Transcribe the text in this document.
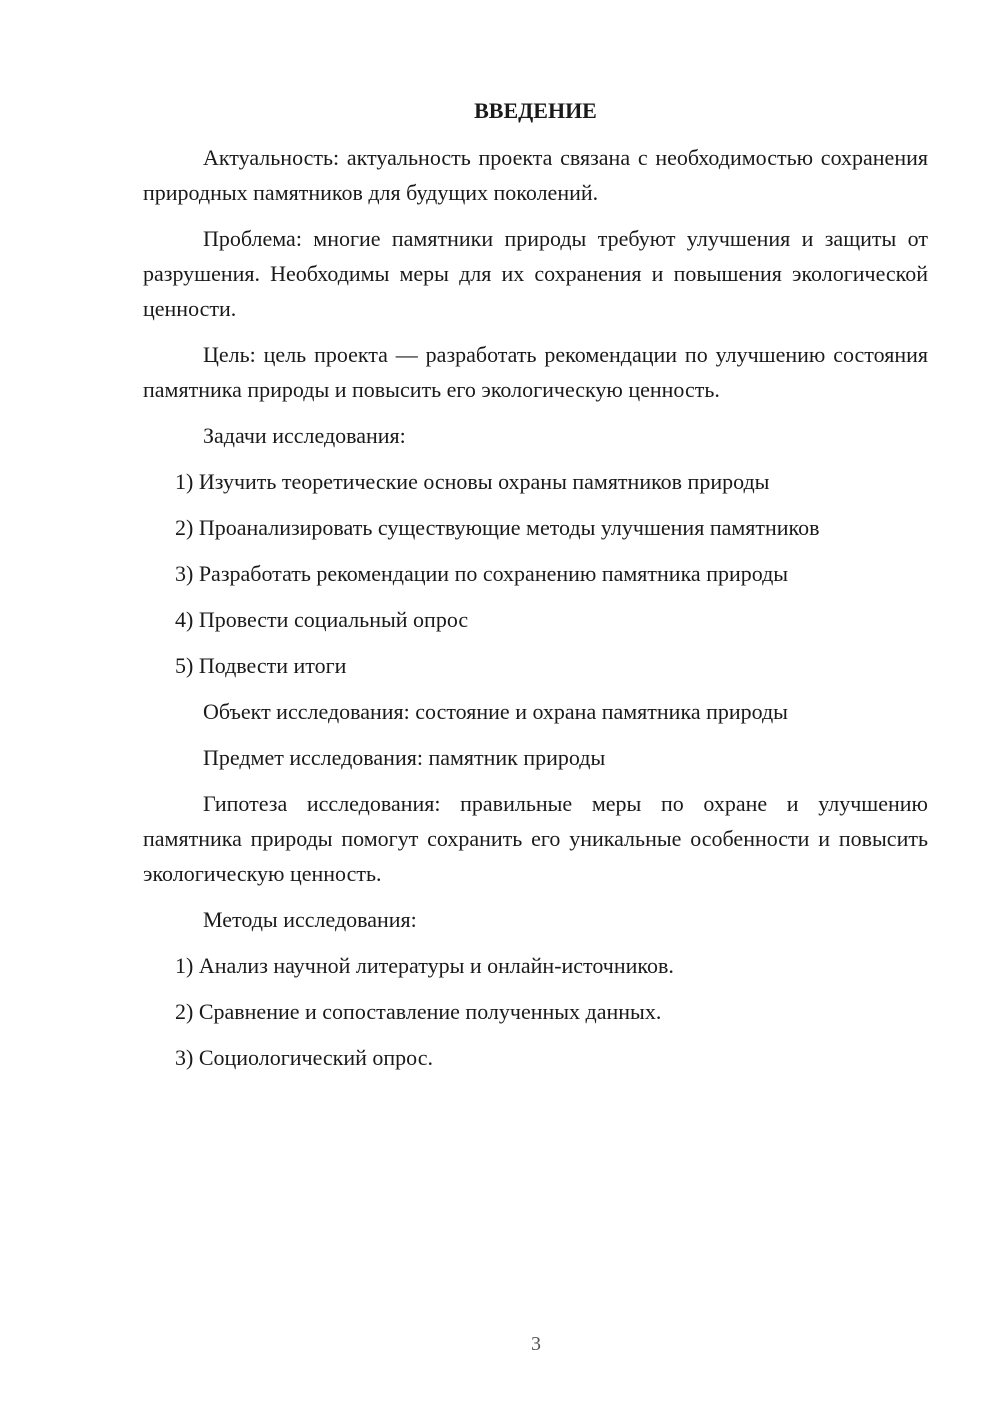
ВВЕДЕНИЕ

Актуальность: актуальность проекта связана с необходимостью сохранения природных памятников для будущих поколений.

Проблема: многие памятники природы требуют улучшения и защиты от разрушения. Необходимы меры для их сохранения и повышения экологической ценности.

Цель: цель проекта — разработать рекомендации по улучшению состояния памятника природы и повысить его экологическую ценность.

Задачи исследования:

1) Изучить теоретические основы охраны памятников природы

2) Проанализировать существующие методы улучшения памятников

3) Разработать рекомендации по сохранению памятника природы

4) Провести социальный опрос

5) Подвести итоги

Объект исследования: состояние и охрана памятника природы

Предмет исследования: памятник природы

Гипотеза исследования: правильные меры по охране и улучшению памятника природы помогут сохранить его уникальные особенности и повысить экологическую ценность.

Методы исследования:

1) Анализ научной литературы и онлайн-источников.

2) Сравнение и сопоставление полученных данных.

3) Социологический опрос.

3
